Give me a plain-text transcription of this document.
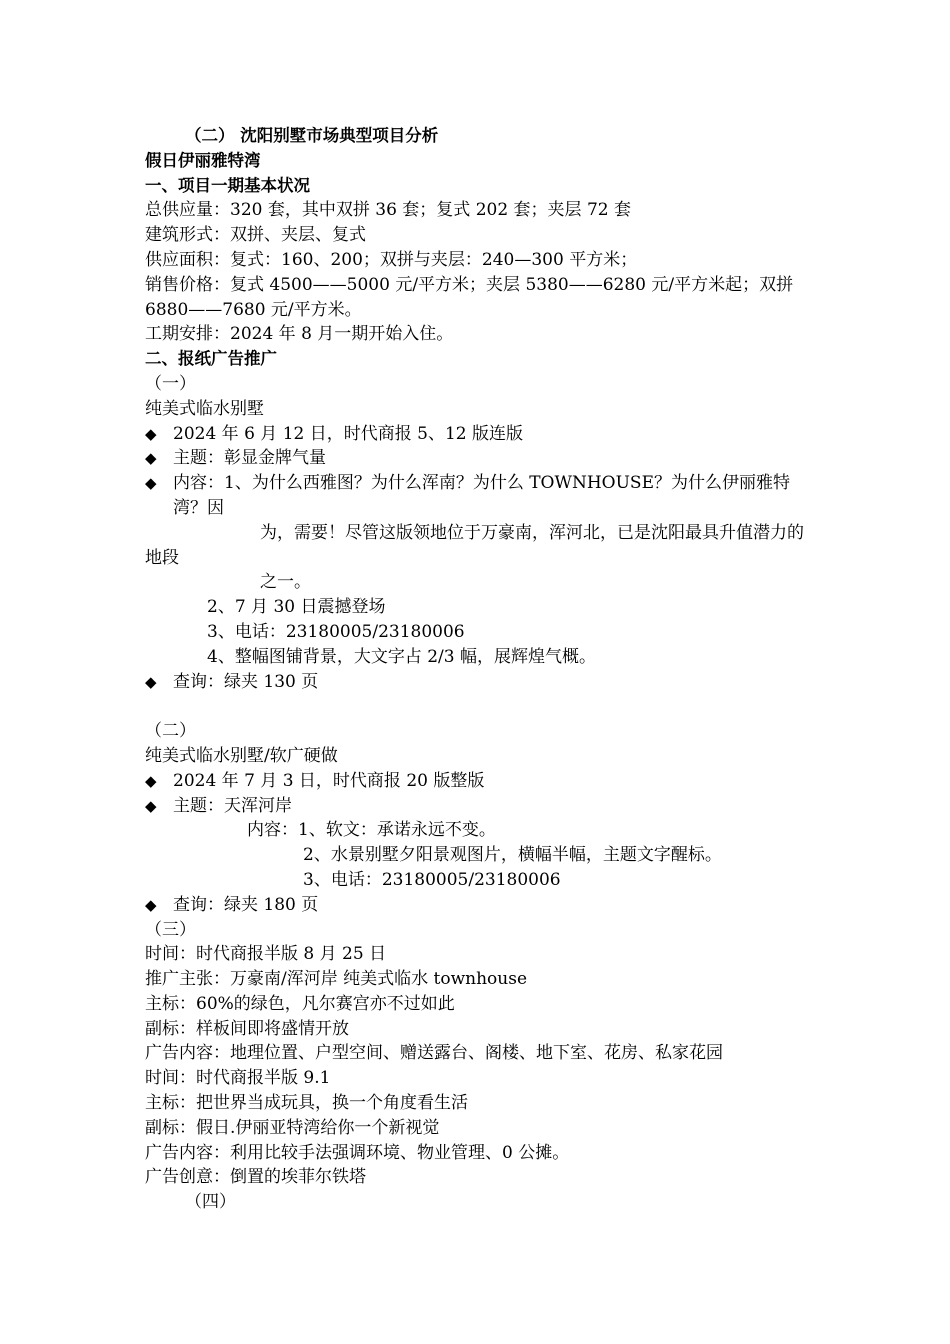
（二） 沈阳别墅市场典型项目分析

假日伊丽雅特湾

一、项目一期基本状况

总供应量：320 套，其中双拼 36 套；复式 202 套；夹层 72 套

建筑形式：双拼、夹层、复式

供应面积：复式：160、200；双拼与夹层：240—300 平方米；

销售价格：复式 4500——5000 元/平方米；夹层 5380——6280 元/平方米起；双拼 6880——7680 元/平方米。

工期安排：2024 年 8 月一期开始入住。

二、报纸广告推广

（一）

纯美式临水别墅

◆ 2024 年 6 月 12 日，时代商报 5、12 版连版

◆ 主题：彰显金牌气量

◆ 内容：1、为什么西雅图？为什么浑南？为什么 TOWNHOUSE？为什么伊丽雅特湾？因

为，需要！尽管这版领地位于万豪南，浑河北，已是沈阳最具升值潜力的地段

之一。

2、7 月 30 日震撼登场

3、电话：23180005/23180006

4、整幅图铺背景，大文字占 2/3 幅，展辉煌气概。

◆ 查询：绿夹 130 页

（二）

纯美式临水别墅/软广硬做

◆ 2024 年 7 月 3 日，时代商报 20 版整版

◆ 主题：天浑河岸

内容：1、软文：承诺永远不变。

2、水景别墅夕阳景观图片，横幅半幅，主题文字醒标。

3、电话：23180005/23180006

◆ 查询：绿夹 180 页

（三）

时间：时代商报半版 8 月 25 日

推广主张：万豪南/浑河岸 纯美式临水 townhouse

主标：60%的绿色，凡尔赛宫亦不过如此

副标：样板间即将盛情开放

广告内容：地理位置、户型空间、赠送露台、阁楼、地下室、花房、私家花园

时间：时代商报半版 9.1

主标：把世界当成玩具，换一个角度看生活

副标：假日.伊丽亚特湾给你一个新视觉

广告内容：利用比较手法强调环境、物业管理、0 公摊。

广告创意：倒置的埃菲尔铁塔

（四）
